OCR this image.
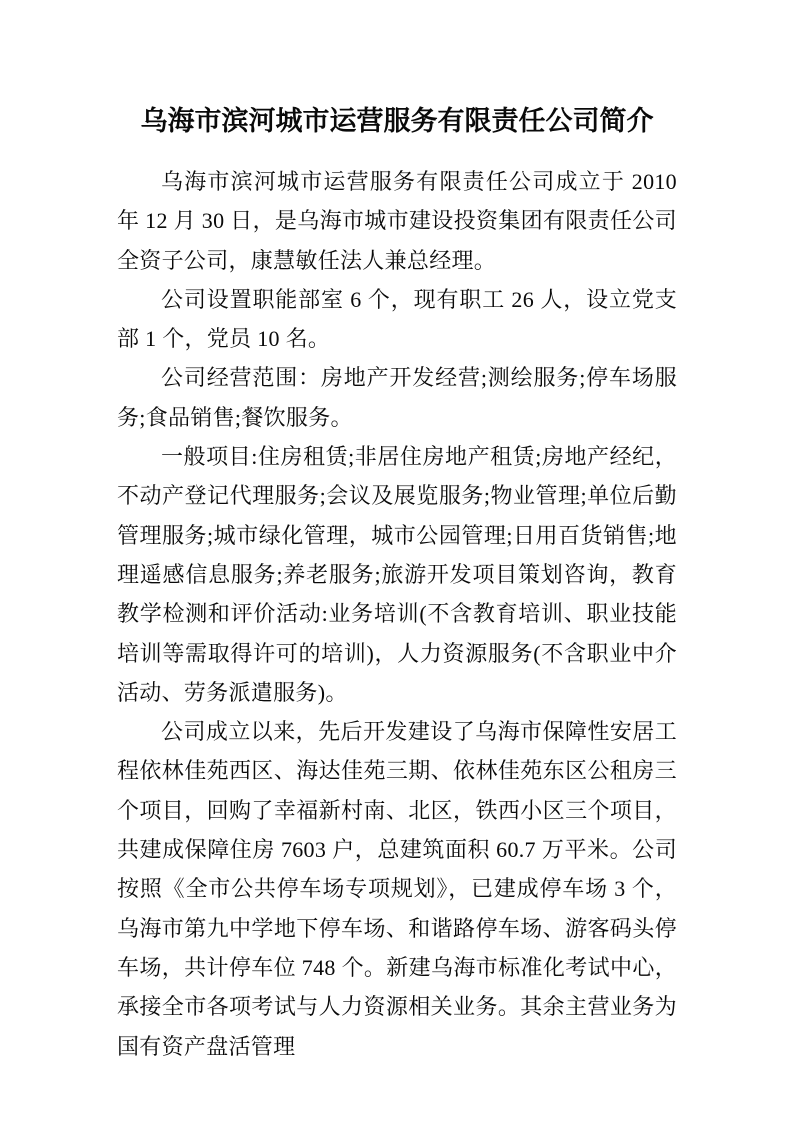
乌海市滨河城市运营服务有限责任公司简介

乌海市滨河城市运营服务有限责任公司成立于 2010 年 12 月 30 日，是乌海市城市建设投资集团有限责任公司全资子公司，康慧敏任法人兼总经理。

公司设置职能部室 6 个，现有职工 26 人，设立党支部 1 个，党员 10 名。

公司经营范围：房地产开发经营;测绘服务;停车场服务;食品销售;餐饮服务。

一般项目:住房租赁;非居住房地产租赁;房地产经纪，不动产登记代理服务;会议及展览服务;物业管理;单位后勤管理服务;城市绿化管理，城市公园管理;日用百货销售;地理遥感信息服务;养老服务;旅游开发项目策划咨询，教育教学检测和评价活动:业务培训(不含教育培训、职业技能培训等需取得许可的培训)，人力资源服务(不含职业中介活动、劳务派遣服务)。

公司成立以来，先后开发建设了乌海市保障性安居工程依林佳苑西区、海达佳苑三期、依林佳苑东区公租房三个项目，回购了幸福新村南、北区，铁西小区三个项目，共建成保障住房 7603 户，总建筑面积 60.7 万平米。公司按照《全市公共停车场专项规划》，已建成停车场 3 个，乌海市第九中学地下停车场、和谐路停车场、游客码头停车场，共计停车位 748 个。新建乌海市标准化考试中心，承接全市各项考试与人力资源相关业务。其余主营业务为国有资产盘活管理
